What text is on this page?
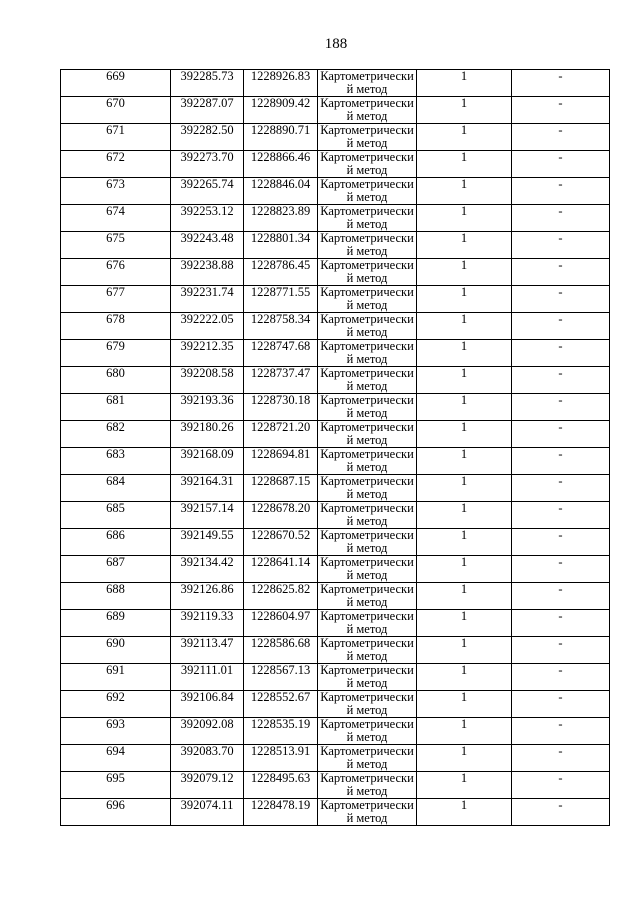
188
669	392285.73	1228926.83	Картометрически й метод	1	-
670	392287.07	1228909.42	Картометрически й метод	1	-
671	392282.50	1228890.71	Картометрически й метод	1	-
672	392273.70	1228866.46	Картометрически й метод	1	-
673	392265.74	1228846.04	Картометрически й метод	1	-
674	392253.12	1228823.89	Картометрически й метод	1	-
675	392243.48	1228801.34	Картометрически й метод	1	-
676	392238.88	1228786.45	Картометрически й метод	1	-
677	392231.74	1228771.55	Картометрически й метод	1	-
678	392222.05	1228758.34	Картометрически й метод	1	-
679	392212.35	1228747.68	Картометрически й метод	1	-
680	392208.58	1228737.47	Картометрически й метод	1	-
681	392193.36	1228730.18	Картометрически й метод	1	-
682	392180.26	1228721.20	Картометрически й метод	1	-
683	392168.09	1228694.81	Картометрически й метод	1	-
684	392164.31	1228687.15	Картометрически й метод	1	-
685	392157.14	1228678.20	Картометрически й метод	1	-
686	392149.55	1228670.52	Картометрически й метод	1	-
687	392134.42	1228641.14	Картометрически й метод	1	-
688	392126.86	1228625.82	Картометрически й метод	1	-
689	392119.33	1228604.97	Картометрически й метод	1	-
690	392113.47	1228586.68	Картометрически й метод	1	-
691	392111.01	1228567.13	Картометрически й метод	1	-
692	392106.84	1228552.67	Картометрически й метод	1	-
693	392092.08	1228535.19	Картометрически й метод	1	-
694	392083.70	1228513.91	Картометрически й метод	1	-
695	392079.12	1228495.63	Картометрически й метод	1	-
696	392074.11	1228478.19	Картометрически й метод	1	-
